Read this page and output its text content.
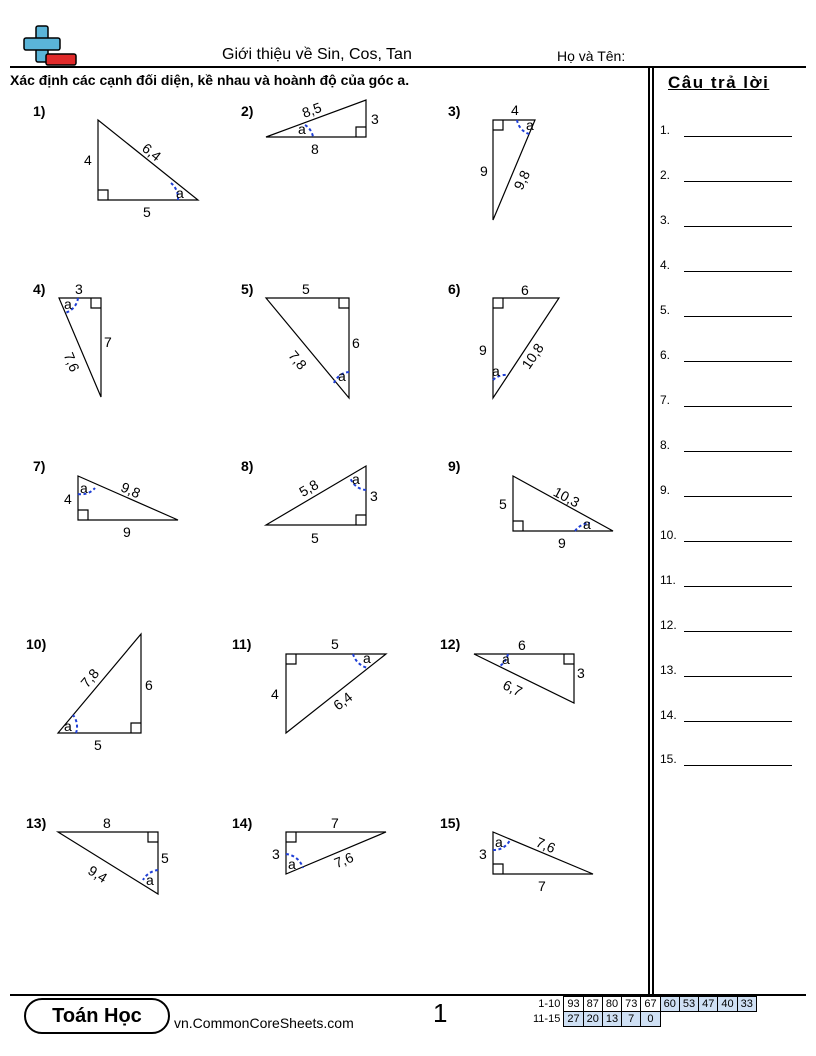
Giới thiệu về Sin, Cos, Tan	Họ và Tên:
Xác định các cạnh đối diện, kề nhau và hoành độ của góc a.	Câu trả lời
1.
2.
3.
4.
5.
6.
7.
8.
9.
10.
11.
12.
13.
14.
15.
1)	2)	3)
4)	5)	6)
7)	8)	9)
10)	11)	12)
13)	14)	15)
4
5
6,4
a
8,5	3
8
a
4
9 9,8
a
3
7
7,6
a
5
6
7,8
a
6
9 10,8
a
4	9,8
9
a	5,8	3
5
a
5	10,3
9
a
7,8	6
5
a
5
4	6,4
a
6
3
6,7
a
8
5
9,4	a
7
3	7,6
a
3	7,6
7
a
Toán Học	vn.CommonCoreSheets.com	1	1-10	93	87	80	73	67	60	53	47	40	33
11-15	27	20	13	7	0					
